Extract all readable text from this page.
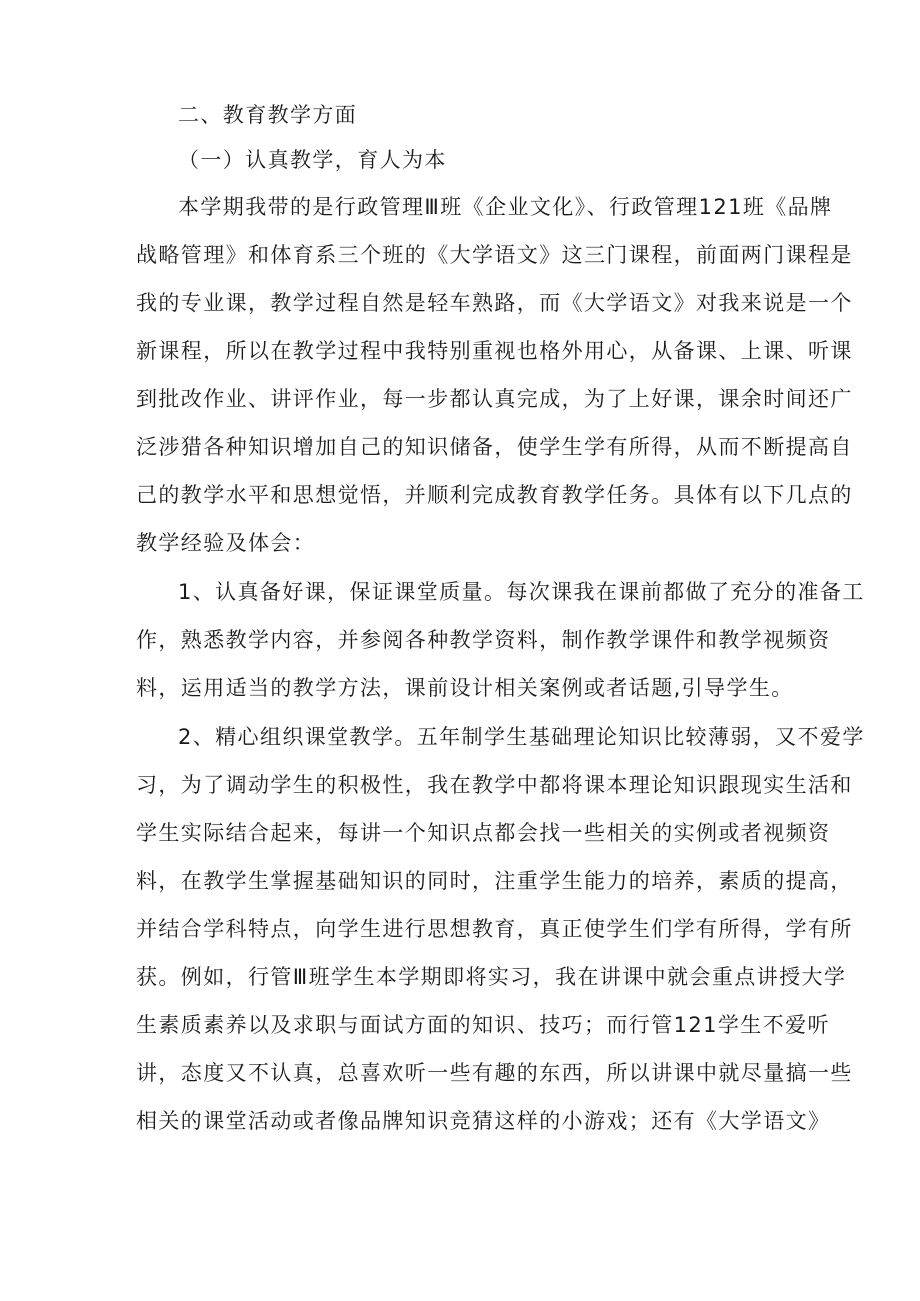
二、教育教学方面
（一）认真教学，育人为本
本学期我带的是行政管理Ⅲ班《企业文化》、行政管理121班《品牌
战略管理》和体育系三个班的《大学语文》这三门课程，前面两门课程是
我的专业课，教学过程自然是轻车熟路，而《大学语文》对我来说是一个
新课程，所以在教学过程中我特别重视也格外用心，从备课、上课、听课
到批改作业、讲评作业，每一步都认真完成，为了上好课，课余时间还广
泛涉猎各种知识增加自己的知识储备，使学生学有所得，从而不断提高自
己的教学水平和思想觉悟，并顺利完成教育教学任务。具体有以下几点的
教学经验及体会：
1、认真备好课，保证课堂质量。每次课我在课前都做了充分的准备工
作，熟悉教学内容，并参阅各种教学资料，制作教学课件和教学视频资
料，运用适当的教学方法，课前设计相关案例或者话题,引导学生。
2、精心组织课堂教学。五年制学生基础理论知识比较薄弱，又不爱学
习，为了调动学生的积极性，我在教学中都将课本理论知识跟现实生活和
学生实际结合起来，每讲一个知识点都会找一些相关的实例或者视频资
料，在教学生掌握基础知识的同时，注重学生能力的培养，素质的提高，
并结合学科特点，向学生进行思想教育，真正使学生们学有所得，学有所
获。例如，行管Ⅲ班学生本学期即将实习，我在讲课中就会重点讲授大学
生素质素养以及求职与面试方面的知识、技巧；而行管121学生不爱听
讲，态度又不认真，总喜欢听一些有趣的东西，所以讲课中就尽量搞一些
相关的课堂活动或者像品牌知识竞猜这样的小游戏；还有《大学语文》
